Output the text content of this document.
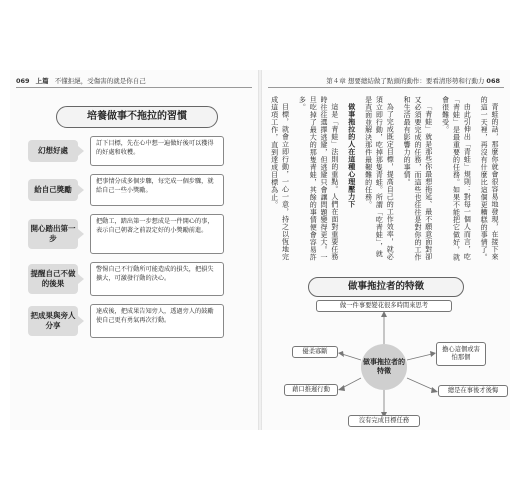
069 上篇 不懂拒絕，受傷害的就是你自己
培養做事不拖拉的習慣
幻想好處
訂下目標，先在心中想一遍做好後可以獲得的好處和收穫。
給自己獎勵
把事情分成多個步驟，每完成一個步驟，就給自己一些小獎勵。
開心踏出第一步
把動工，踏出第一步想成是一件開心的事，表示自己朝著之前設定好的小獎勵前進。
提醒自己不做的後果
警惕自己不行動所可能造成的損失，把損失擴大，可激發行動的決心。
把成果與旁人分享
達成後，把成果告知旁人，透過旁人的鼓勵使自己更有勇氣再次行動。
第４章 想要總結做了點頭的動作：要看清形勢和行動力 068

青蛙的話，那麼你就會很容易地發現，在接下來的這一天裡，再沒有什麼比這個更糟糕的事情了。

由此引伸出「青蛙」規則：對每一個人而言，吃「青蛙」是最重要的任務。如果不能把它做好，就會很難受。

「青蛙」就是那些你最想拖延、最不願意面對卻又必須要完成的任務，而這些也往往是對你的工作和生活最有影響力的事情。

為了完成既定目標，提高自己的工作效率，就必須立即行動，吃掉那隻青蛙。所謂「吃青蛙」，就是直面並解決那件最艱難的任務。

做事拖拉的人在這種心理壓力下

這是「青蛙」法則的重點。人們在面對重要任務時往往選擇逃避，但逃避只會讓問題變得更大。一旦吃掉了最大的那隻青蛙，其餘的事情便會容易許多。

目標，就會立即行動，一心一意，持之以恆地完成這項工作，直到達成目標為止。

做事拖拉者的特徵
做一件事要變花很多時間來思考
擔心這個或害怕那個
總是在事後才後悔
沒有完成目標任務
藉口推遲行動
優柔寡斷
做事拖拉者的特徵
